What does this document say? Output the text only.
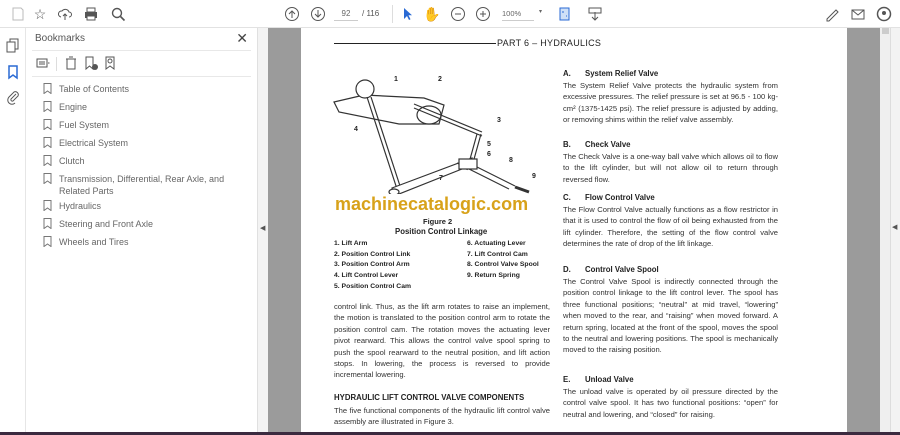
☆	92	/ 116	✋	100%	▾
Bookmarks	✕
Table of Contents
Engine
Fuel System
Electrical System
Clutch
Transmission, Differential, Rear Axle, and Related Parts
Hydraulics
Steering and Front Axle
Wheels and Tires
◀
PART 6 – HYDRAULICS
1	2
3
4
5
6
7
8
9
machinecatalogic.com
Figure 2
Position Control Linkage
1. Lift Arm
2. Position Control Link
3. Position Control Arm
4. Lift Control Lever
5. Position Control Cam
6. Actuating Lever
7. Lift Control Cam
8. Control Valve Spool
9. Return Spring
control link. Thus, as the lift arm rotates to raise an implement, the motion is translated to the position control arm to rotate the position control cam. The rotation moves the actuating lever pivot rearward. This allows the control valve spool spring to push the spool rearward to the neutral position, and lift action stops. In lowering, the process is reversed to provide incremental lowering.
HYDRAULIC LIFT CONTROL VALVE COMPONENTS
The five functional components of the hydraulic lift control valve assembly are illustrated in Figure 3.
A. System Relief Valve
The System Relief Valve protects the hydraulic system from excessive pressures. The relief pressure is set at 96.5 - 100 kg-cm² (1375-1425 psi). The relief pressure is adjusted by adding, or removing shims within the relief valve assembly.
B. Check Valve
The Check Valve is a one-way ball valve which allows oil to flow to the lift cylinder, but will not allow oil to return through reversed flow.
C. Flow Control Valve
The Flow Control Valve actually functions as a flow restrictor in that it is used to control the flow of oil being exhausted from the lift cylinder. Therefore, the setting of the flow control valve determines the rate of drop of the lift linkage.
D. Control Valve Spool
The Control Valve Spool is indirectly connected through the position control linkage to the lift control lever. The spool has three functional positions; “neutral” at mid travel, “lowering” when moved to the rear, and “raising” when moved forward. A return spring, located at the front of the spool, moves the spool to the neutral and lowering positions. The spool is mechanically moved to the raising position.
E. Unload Valve
The unload valve is operated by oil pressure directed by the control valve spool. It has two functional positions: “open” for neutral and lowering, and “closed” for raising.
◀
